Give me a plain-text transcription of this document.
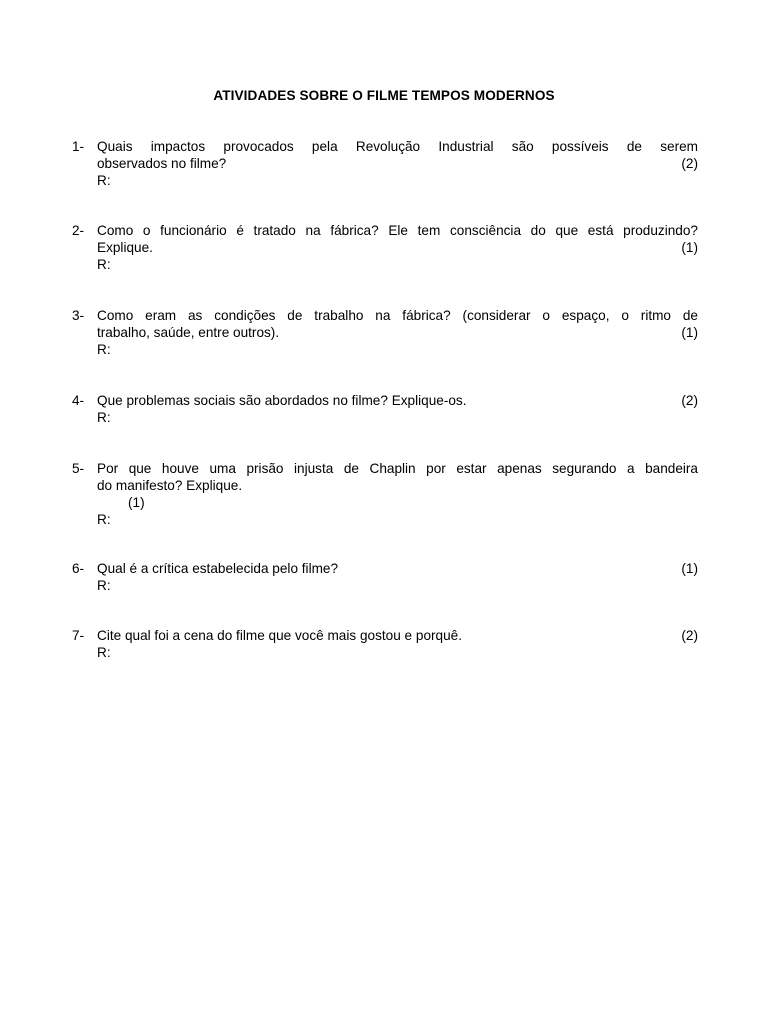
ATIVIDADES SOBRE O FILME TEMPOS MODERNOS
1- Quais impactos provocados pela Revolução Industrial são possíveis de serem
observados no filme?	(2)
R:
2- Como o funcionário é tratado na fábrica? Ele tem consciência do que está produzindo?
Explique.	(1)
R:
3- Como eram as condições de trabalho na fábrica? (considerar o espaço, o ritmo de
trabalho, saúde, entre outros).	(1)
R:
4- Que problemas sociais são abordados no filme? Explique-os.	(2)
R:
5- Por que houve uma prisão injusta de Chaplin por estar apenas segurando a bandeira
do manifesto? Explique.
(1)
R:
6- Qual é a crítica estabelecida pelo filme?	(1)
R:
7- Cite qual foi a cena do filme que você mais gostou e porquê.	(2)
R:
